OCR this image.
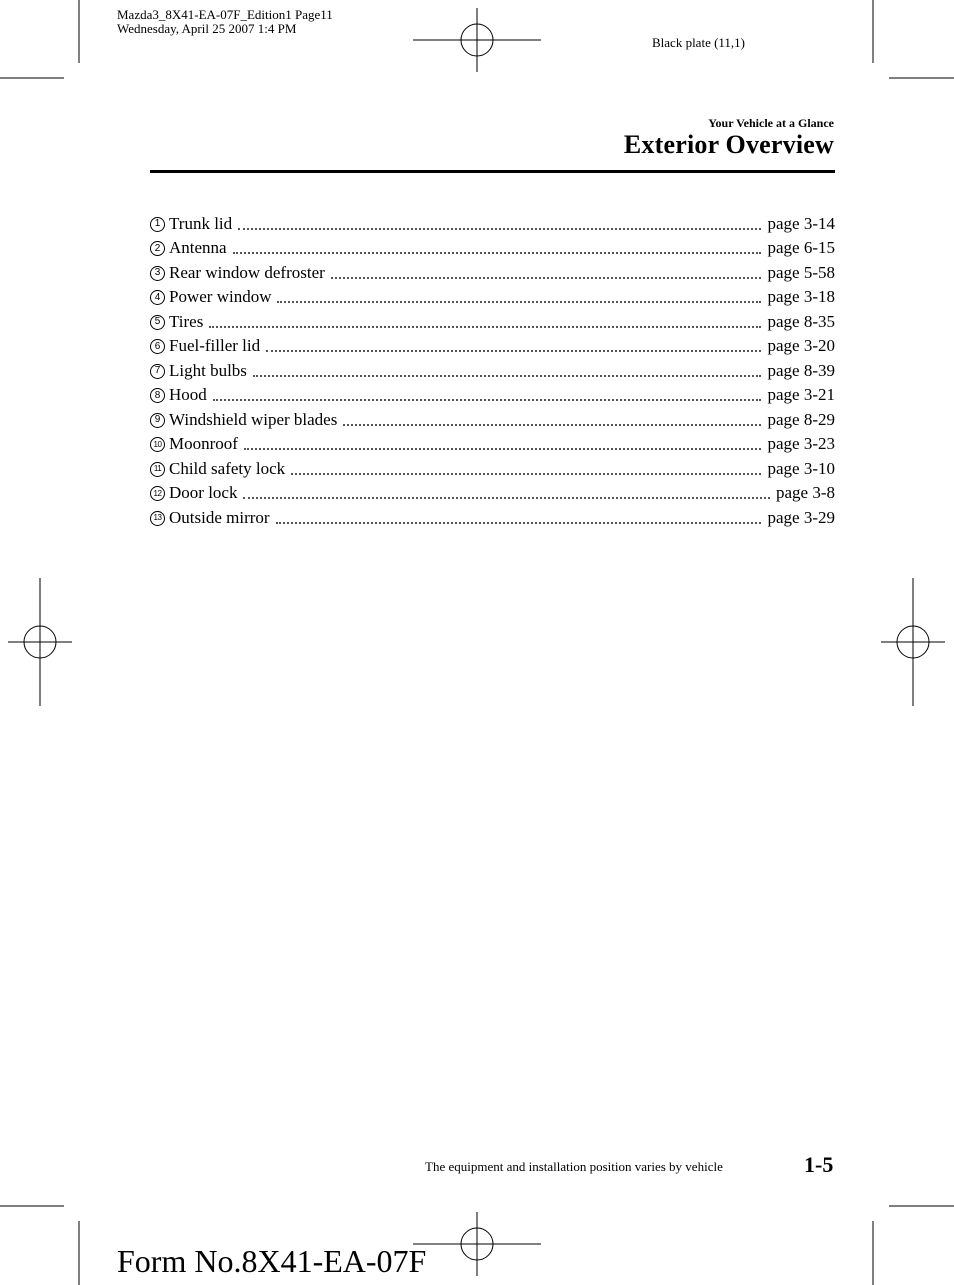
Mazda3_8X41-EA-07F_Edition1 Page11
Wednesday, April 25 2007 1:4 PM
Black plate (11,1)
Your Vehicle at a Glance
Exterior Overview
1 Trunk lid	page 3-14
2 Antenna	page 6-15
3 Rear window defroster	page 5-58
4 Power window	page 3-18
5 Tires	page 8-35
6 Fuel-filler lid	page 3-20
7 Light bulbs	page 8-39
8 Hood	page 3-21
9 Windshield wiper blades	page 8-29
10 Moonroof	page 3-23
11 Child safety lock	page 3-10
12 Door lock	page 3-8
13 Outside mirror	page 3-29
The equipment and installation position varies by vehicle	1-5
Form No.8X41-EA-07F
